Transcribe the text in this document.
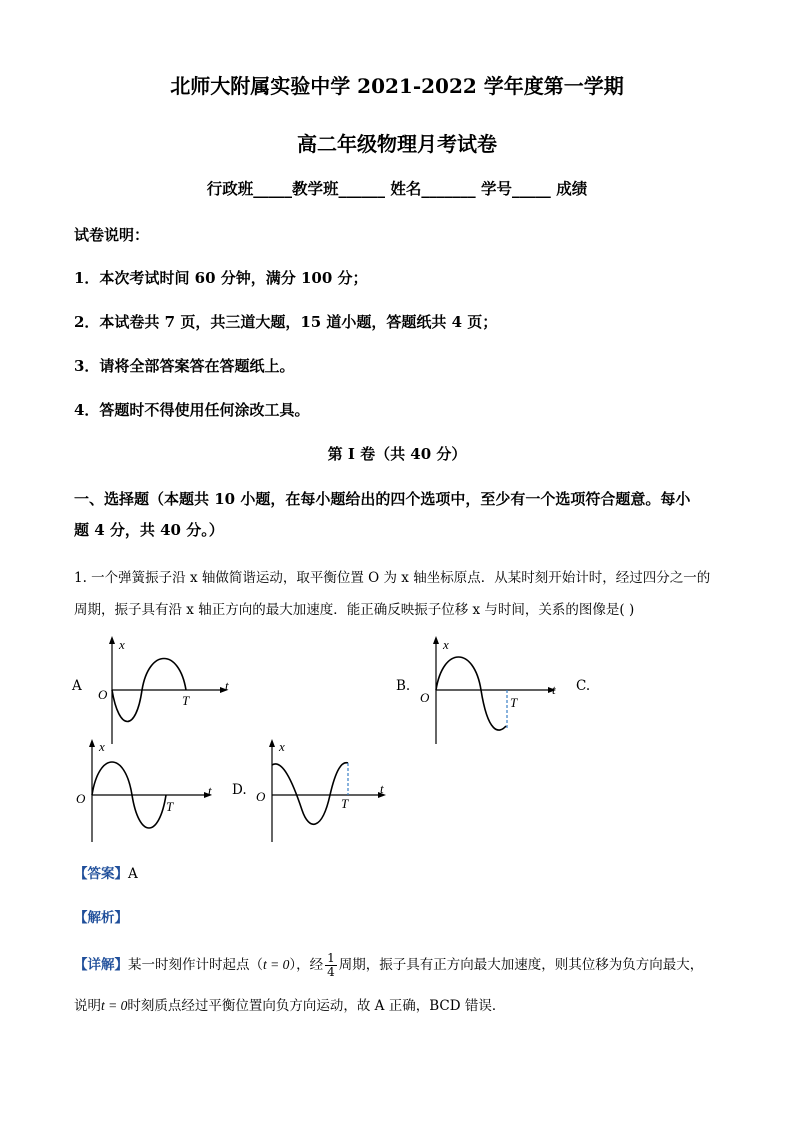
北师大附属实验中学 2021-2022 学年度第一学期
高二年级物理月考试卷
行政班_____教学班______ 姓名_______ 学号_____ 成绩
试卷说明：
1．本次考试时间 60 分钟，满分 100 分；
2．本试卷共 7 页，共三道大题，15 道小题，答题纸共 4 页；
3．请将全部答案答在答题纸上。
4．答题时不得使用任何涂改工具。
第 I 卷（共 40 分）
一、选择题（本题共 10 小题，在每小题给出的四个选项中，至少有一个选项符合题意。每小
题 4 分，共 40 分。）
1. 一个弹簧振子沿 x 轴做简谐运动，取平衡位置 O 为 x 轴坐标原点．从某时刻开始计时，经过四分之一的
周期，振子具有沿 x 轴正方向的最大加速度．能正确反映振子位移 x 与时间，关系的图像是( )
A
x
t
O	T
B.
x
t
O	T
C.
x
t
O
T
D.
x
t
O	T
【答案】A
【解析】
【详解】某一时刻作计时起点（t = 0），经 $\frac{1}{4}$ 周期，振子具有正方向最大加速度，则其位移为负方向最大，
说明t = 0时刻质点经过平衡位置向负方向运动，故 A 正确，BCD 错误．
